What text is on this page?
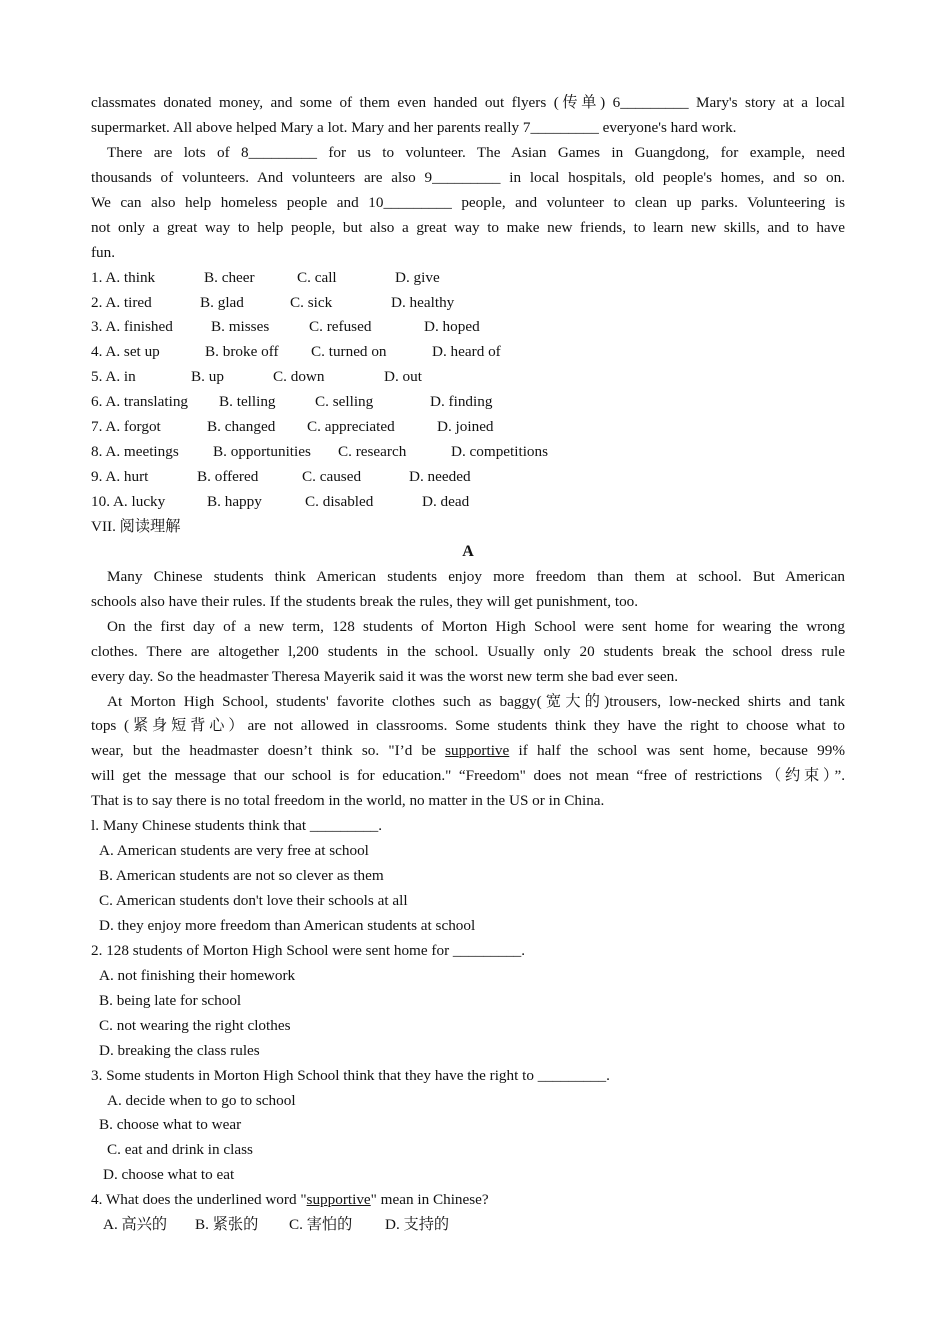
classmates donated money, and some of them even handed out flyers (传单) 6_________ Mary's story at a local
supermarket. All above helped Mary a lot. Mary and her parents really 7_________ everyone's hard work.
There are lots of 8_________ for us to volunteer. The Asian Games in Guangdong, for example, need
thousands of volunteers. And volunteers are also 9_________ in local hospitals, old people's homes, and so on.
We can also help homeless people and 10_________ people, and volunteer to clean up parks. Volunteering is
not only a great way to help people, but also a great way to make new friends, to learn new skills, and to have
fun.
1. A. think	B. cheer	C. call	D. give
2. A. tired	B. glad	C. sick	D. healthy
3. A. finished	B. misses	C. refused	D. hoped
4. A. set up	B. broke off C. turned on	D. heard of
5. A. in	B. up	C. down	D. out
6. A. translating B. telling	C. selling	D. finding
7. A. forgot	B. changed C. appreciated	D. joined
8. A. meetings B. opportunities C. research	D. competitions
9. A. hurt	B. offered	C. caused	D. needed
10. A. lucky	B. happy	C. disabled	D. dead
VII. 阅读理解
A
Many Chinese students think American students enjoy more freedom than them at school. But American
schools also have their rules. If the students break the rules, they will get punishment, too.
On the first day of a new term, 128 students of Morton High School were sent home for wearing the wrong
clothes. There are altogether l,200 students in the school. Usually only 20 students break the school dress rule
every day. So the headmaster Theresa Mayerik said it was the worst new term she bad ever seen.
At Morton High School, students' favorite clothes such as baggy(宽大的)trousers, low-necked shirts and tank
tops (紧身短背心）are not allowed in classrooms. Some students think they have the right to choose what to
wear, but the headmaster doesn’t think so. "I’d be supportive if half the school was sent home, because 99%
will get the message that our school is for education." “Freedom" does not mean “free of restrictions（约束）”.
That is to say there is no total freedom in the world, no matter in the US or in China.
l. Many Chinese students think that _________.
A. American students are very free at school
B. American students are not so clever as them
C. American students don't love their schools at all
D. they enjoy more freedom than American students at school
2. 128 students of Morton High School were sent home for _________.
A. not finishing their homework
B. being late for school
C. not wearing the right clothes
D. breaking the class rules
3. Some students in Morton High School think that they have the right to _________.
A. decide when to go to school
B. choose what to wear
C. eat and drink in class
D. choose what to eat
4. What does the underlined word "supportive" mean in Chinese?
A. 高兴的 B. 紧张的 C. 害怕的 D. 支持的
